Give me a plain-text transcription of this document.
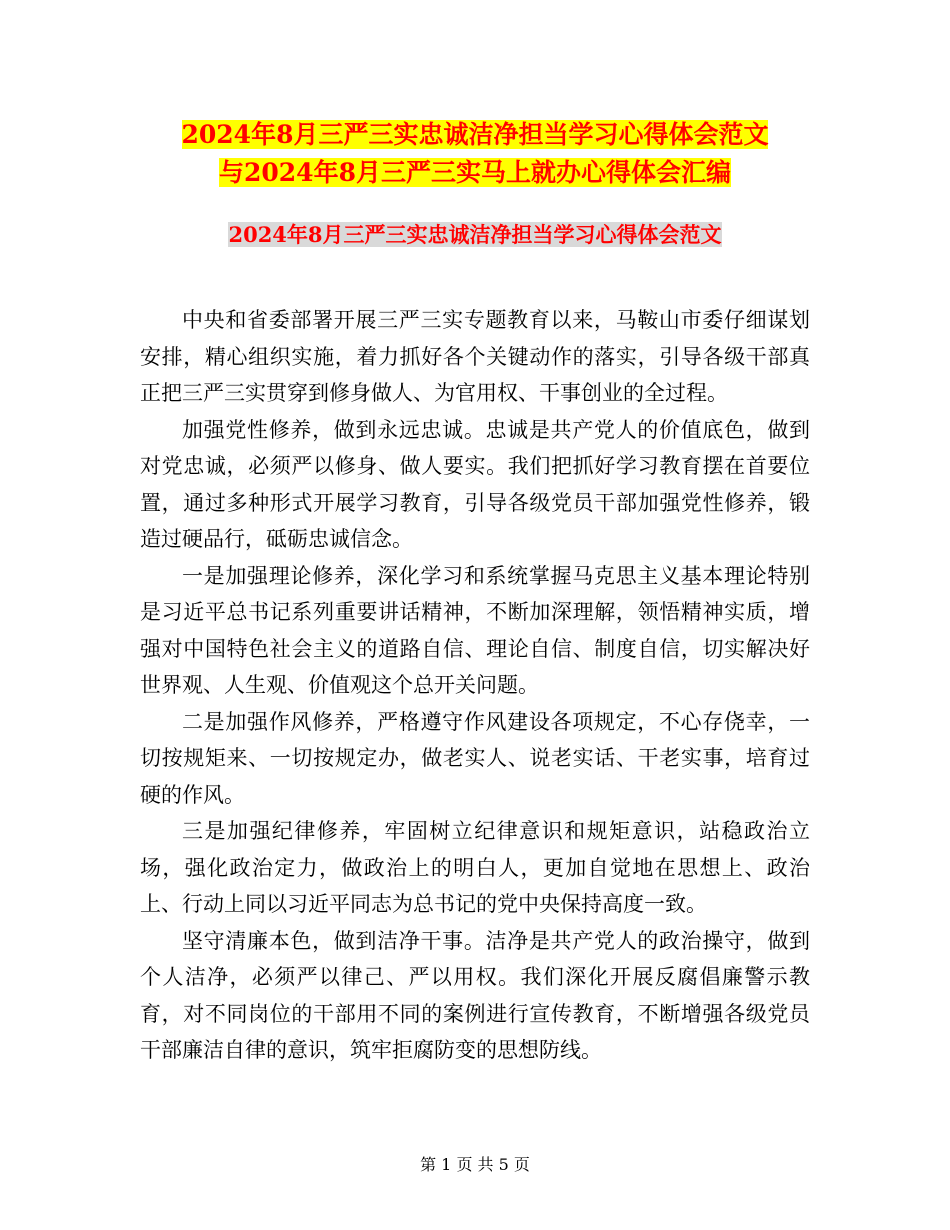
2024年8月三严三实忠诚洁净担当学习心得体会范文
与2024年8月三严三实马上就办心得体会汇编
2024年8月三严三实忠诚洁净担当学习心得体会范文

中央和省委部署开展三严三实专题教育以来，马鞍山市委仔细谋划安排，精心组织实施，着力抓好各个关键动作的落实，引导各级干部真正把三严三实贯穿到修身做人、为官用权、干事创业的全过程。

加强党性修养，做到永远忠诚。忠诚是共产党人的价值底色，做到对党忠诚，必须严以修身、做人要实。我们把抓好学习教育摆在首要位置，通过多种形式开展学习教育，引导各级党员干部加强党性修养，锻造过硬品行，砥砺忠诚信念。

一是加强理论修养，深化学习和系统掌握马克思主义基本理论特别是习近平总书记系列重要讲话精神，不断加深理解，领悟精神实质，增强对中国特色社会主义的道路自信、理论自信、制度自信，切实解决好世界观、人生观、价值观这个总开关问题。

二是加强作风修养，严格遵守作风建设各项规定，不心存侥幸，一切按规矩来、一切按规定办，做老实人、说老实话、干老实事，培育过硬的作风。

三是加强纪律修养，牢固树立纪律意识和规矩意识，站稳政治立场，强化政治定力，做政治上的明白人，更加自觉地在思想上、政治上、行动上同以习近平同志为总书记的党中央保持高度一致。

坚守清廉本色，做到洁净干事。洁净是共产党人的政治操守，做到个人洁净，必须严以律己、严以用权。我们深化开展反腐倡廉警示教育，对不同岗位的干部用不同的案例进行宣传教育，不断增强各级党员干部廉洁自律的意识，筑牢拒腐防变的思想防线。

第 1 页 共 5 页
